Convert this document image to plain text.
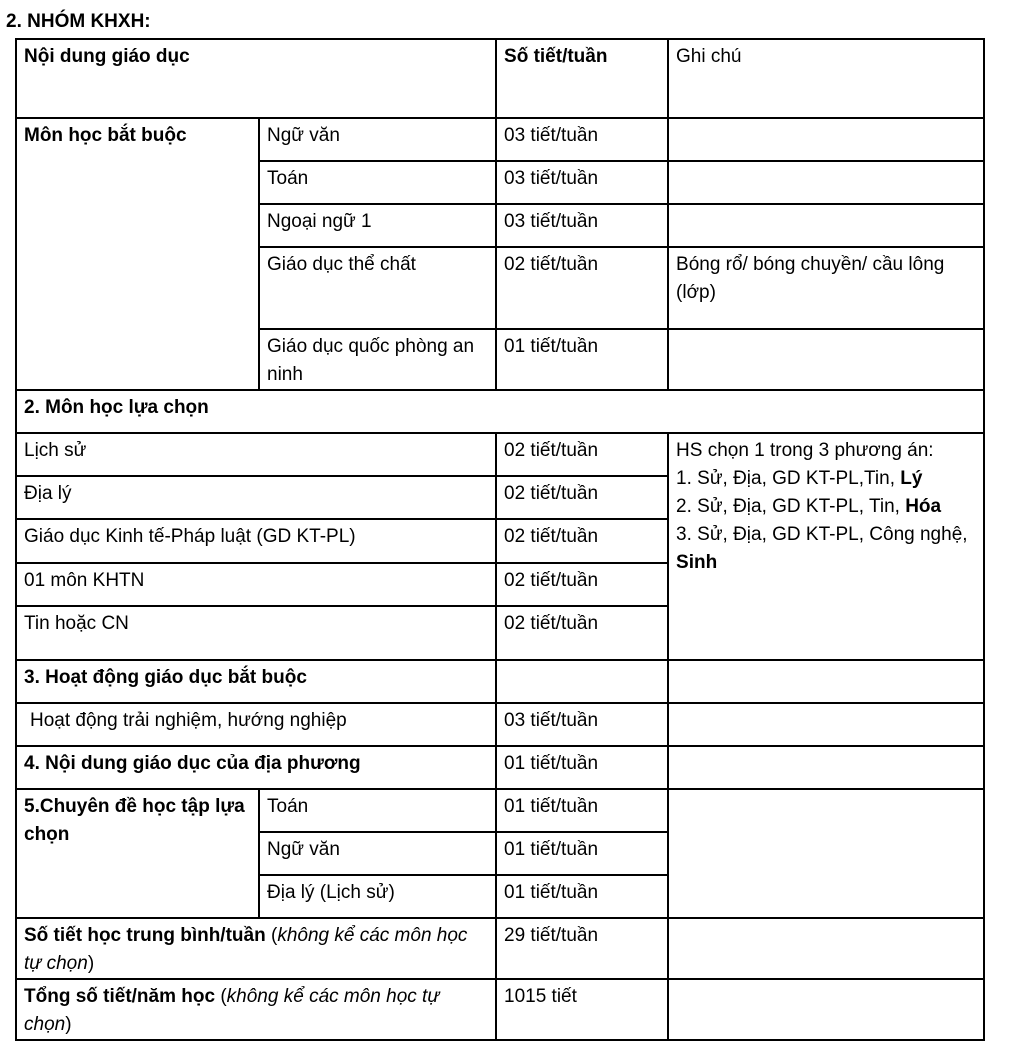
2. NHÓM KHXH:
Nội dung giáo dục		Số tiết/tuần	Ghi chú
Môn học bắt buộc	Ngữ văn	03 tiết/tuần	
	Toán	03 tiết/tuần	
	Ngoại ngữ 1	03 tiết/tuần	
	Giáo dục thể chất	02 tiết/tuần	Bóng rổ/ bóng chuyền/ cầu lông (lớp)
	Giáo dục quốc phòng an ninh	01 tiết/tuần	
2. Môn học lựa chọn			
Lịch sử		02 tiết/tuần	HS chọn 1 trong 3 phương án:
1. Sử, Địa, GD KT-PL,Tin, Lý
2. Sử, Địa, GD KT-PL, Tin, Hóa
3. Sử, Địa, GD KT-PL, Công nghệ, Sinh

Địa lý		02 tiết/tuần	
Giáo dục Kinh tế-Pháp luật (GD KT-PL)		02 tiết/tuần	
01 môn KHTN		02 tiết/tuần	
Tin hoặc CN		02 tiết/tuần	
3. Hoạt động giáo dục bắt buộc			
Hoạt động trải nghiệm, hướng nghiệp		03 tiết/tuần	
4. Nội dung giáo dục của địa phương		01 tiết/tuần	
5.Chuyên đề học tập lựa chọn	Toán	01 tiết/tuần	
	Ngữ văn	01 tiết/tuần	
	Địa lý (Lịch sử)	01 tiết/tuần	
Số tiết học trung bình/tuần (không kể các môn học tự chọn)		29 tiết/tuần	
Tổng số tiết/năm học (không kể các môn học tự chọn)		1015 tiết	
